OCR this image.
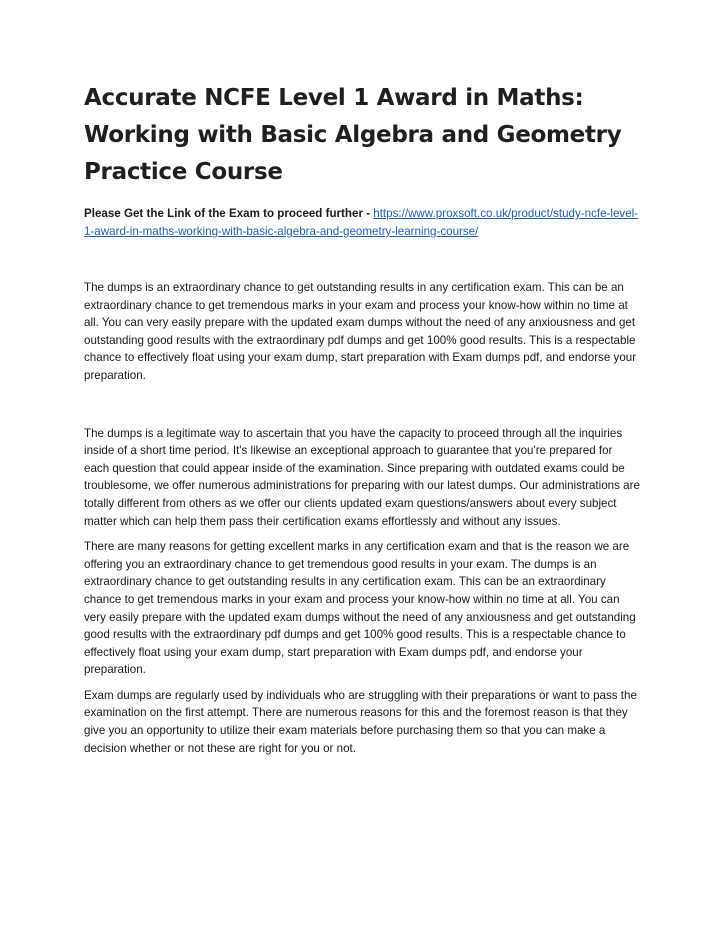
Accurate NCFE Level 1 Award in Maths: Working with Basic Algebra and Geometry Practice Course

Please Get the Link of the Exam to proceed further - https://www.proxsoft.co.uk/product/study-ncfe-level-1-award-in-maths-working-with-basic-algebra-and-geometry-learning-course/

The dumps is an extraordinary chance to get outstanding results in any certification exam. This can be an extraordinary chance to get tremendous marks in your exam and process your know-how within no time at all. You can very easily prepare with the updated exam dumps without the need of any anxiousness and get outstanding good results with the extraordinary pdf dumps and get 100% good results. This is a respectable chance to effectively float using your exam dump, start preparation with Exam dumps pdf, and endorse your preparation.

The dumps is a legitimate way to ascertain that you have the capacity to proceed through all the inquiries inside of a short time period. It's likewise an exceptional approach to guarantee that you're prepared for each question that could appear inside of the examination. Since preparing with outdated exams could be troublesome, we offer numerous administrations for preparing with our latest dumps. Our administrations are totally different from others as we offer our clients updated exam questions/answers about every subject matter which can help them pass their certification exams effortlessly and without any issues.

There are many reasons for getting excellent marks in any certification exam and that is the reason we are offering you an extraordinary chance to get tremendous good results in your exam. The dumps is an extraordinary chance to get outstanding results in any certification exam. This can be an extraordinary chance to get tremendous marks in your exam and process your know-how within no time at all. You can very easily prepare with the updated exam dumps without the need of any anxiousness and get outstanding good results with the extraordinary pdf dumps and get 100% good results. This is a respectable chance to effectively float using your exam dump, start preparation with Exam dumps pdf, and endorse your preparation.

Exam dumps are regularly used by individuals who are struggling with their preparations or want to pass the examination on the first attempt. There are numerous reasons for this and the foremost reason is that they give you an opportunity to utilize their exam materials before purchasing them so that you can make a decision whether or not these are right for you or not.
